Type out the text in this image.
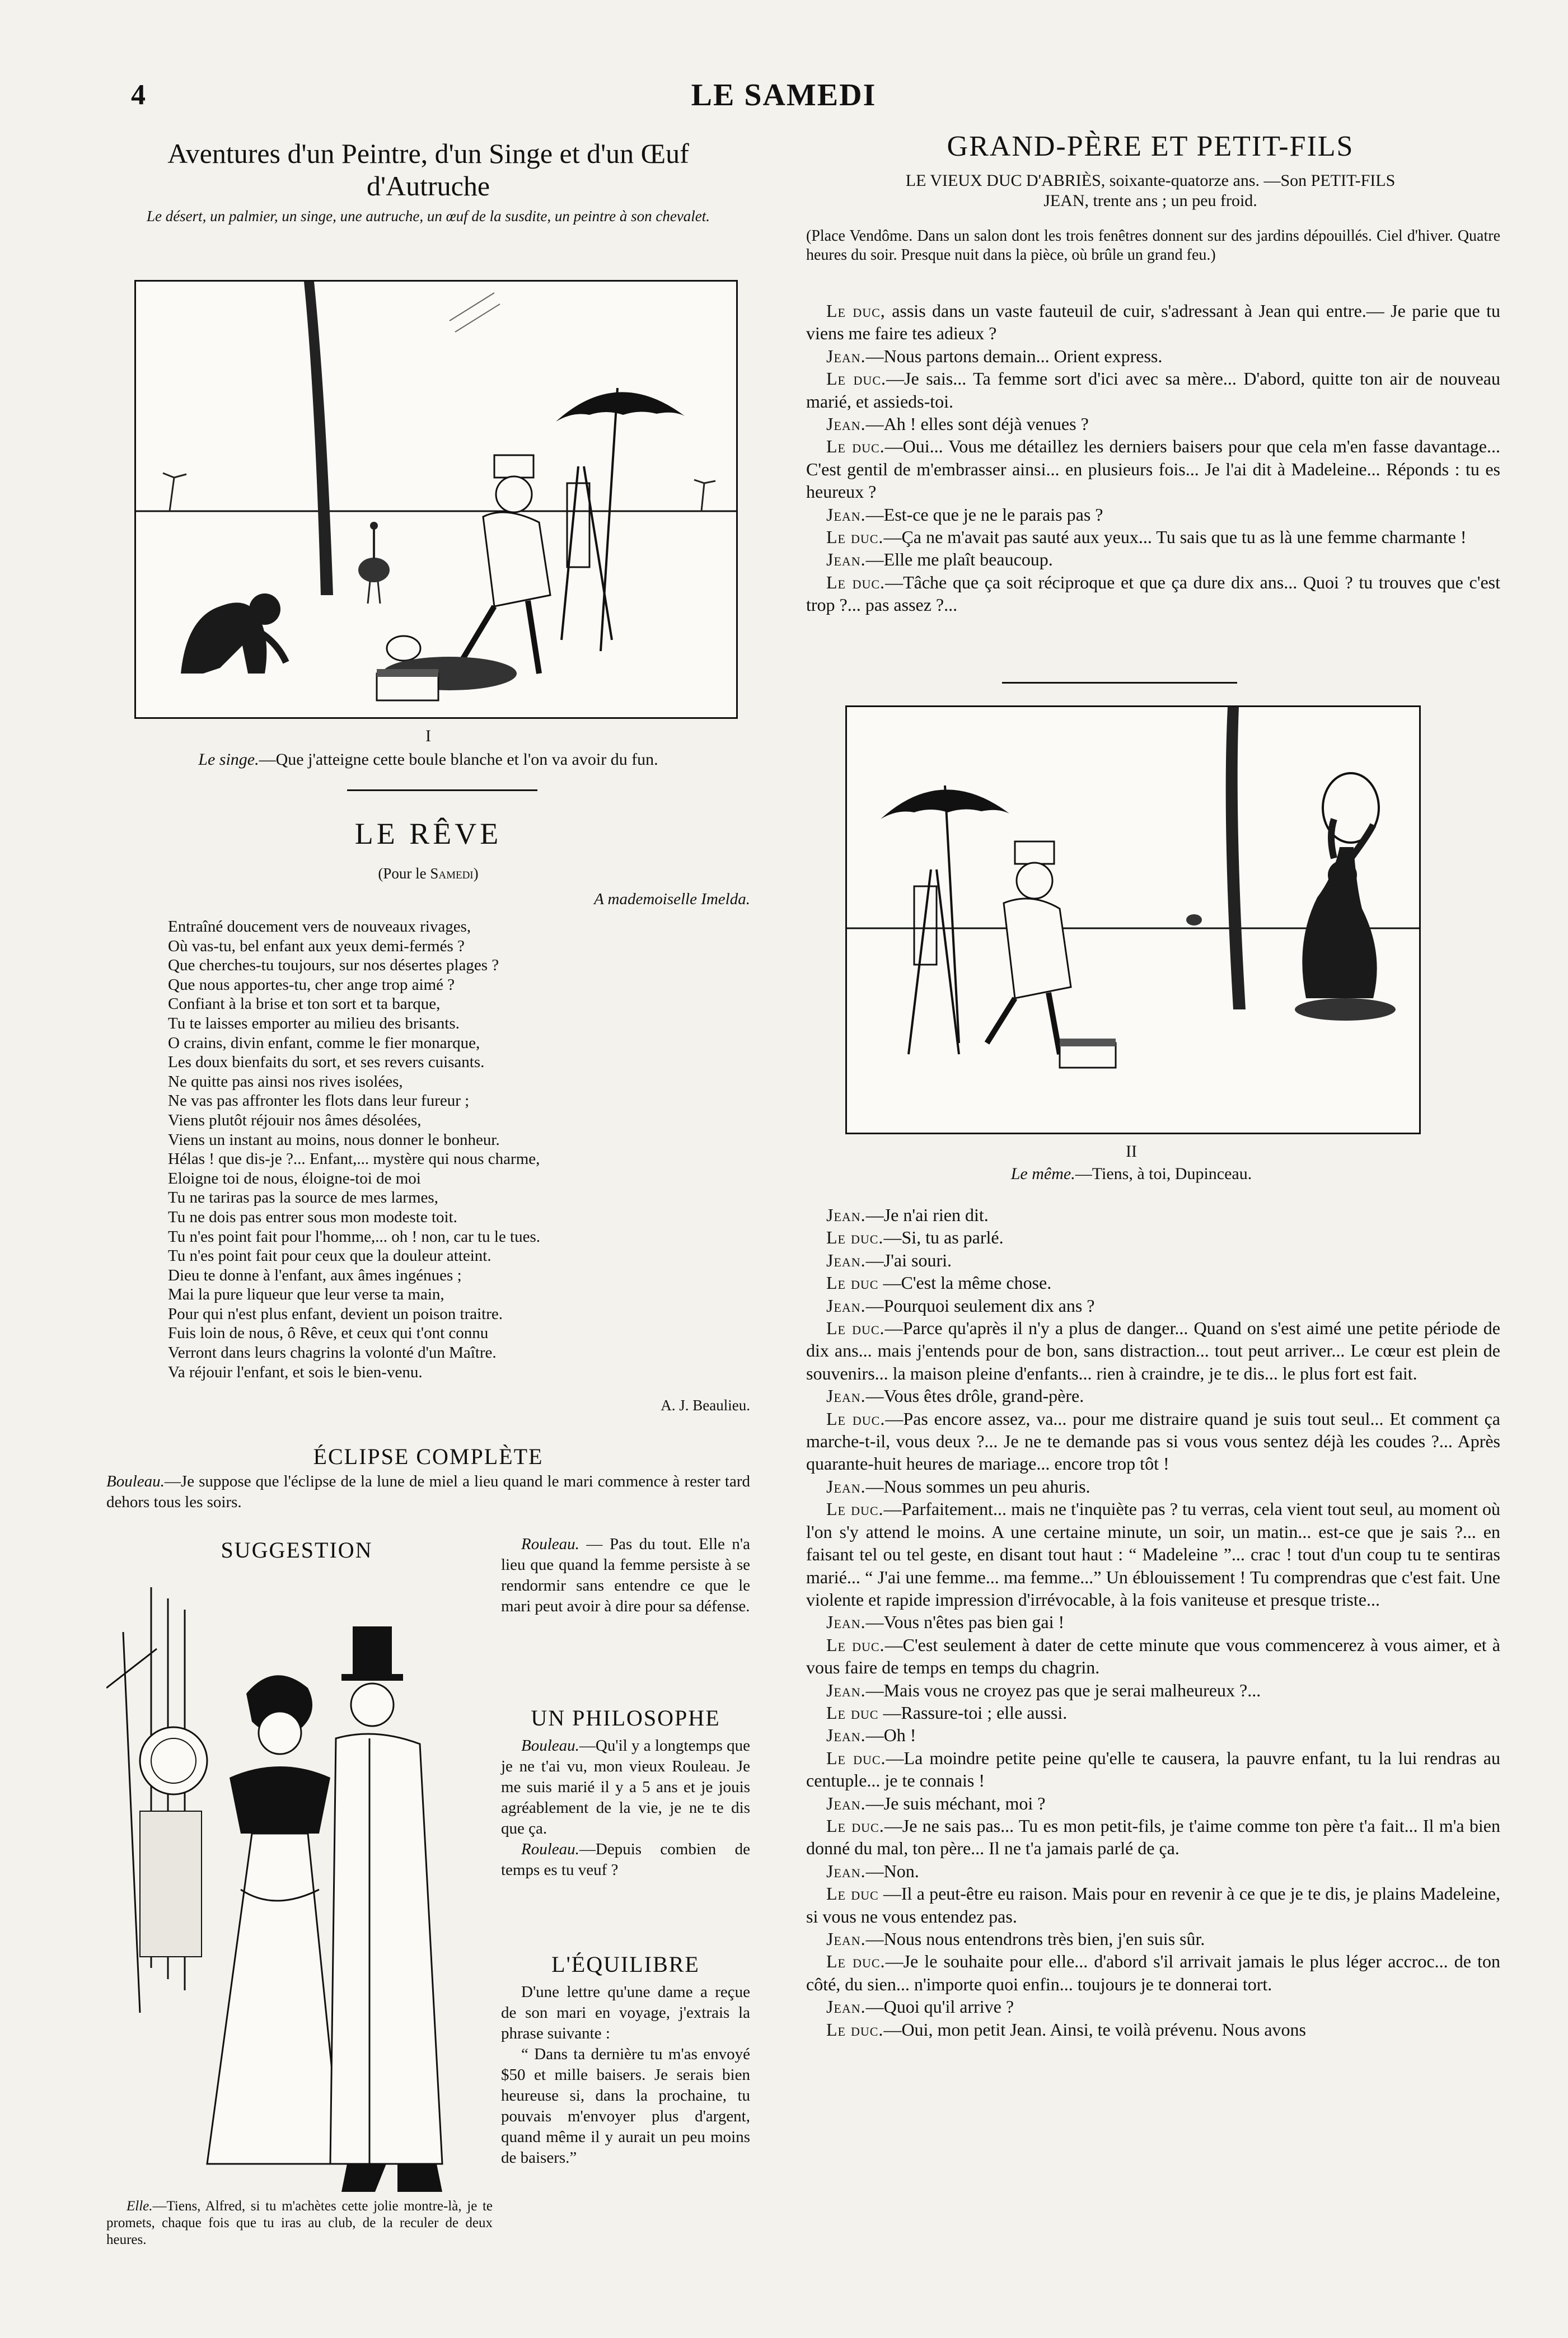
4	LE SAMEDI
Aventures d'un Peintre, d'un Singe et d'un Œuf d'Autruche
Le désert, un palmier, un singe, une autruche, un œuf de la susdite, un peintre à son chevalet.
I
Le singe.—Que j'atteigne cette boule blanche et l'on va avoir du fun.
LE RÊVE
(Pour le Samedi)
A mademoiselle Imelda.
Entraîné doucement vers de nouveaux rivages,
Où vas-tu, bel enfant aux yeux demi-fermés ?
Que cherches-tu toujours, sur nos désertes plages ?
Que nous apportes-tu, cher ange trop aimé ?
Confiant à la brise et ton sort et ta barque,
Tu te laisses emporter au milieu des brisants.
O crains, divin enfant, comme le fier monarque,
Les doux bienfaits du sort, et ses revers cuisants.
Ne quitte pas ainsi nos rives isolées,
Ne vas pas affronter les flots dans leur fureur ;
Viens plutôt réjouir nos âmes désolées,
Viens un instant au moins, nous donner le bonheur.
Hélas ! que dis-je ?... Enfant,... mystère qui nous charme,
Eloigne toi de nous, éloigne-toi de moi
Tu ne tariras pas la source de mes larmes,
Tu ne dois pas entrer sous mon modeste toit.
Tu n'es point fait pour l'homme,... oh ! non, car tu le tues.
Tu n'es point fait pour ceux que la douleur atteint.
Dieu te donne à l'enfant, aux âmes ingénues ;
Mai la pure liqueur que leur verse ta main,
Pour qui n'est plus enfant, devient un poison traitre.
Fuis loin de nous, ô Rêve, et ceux qui t'ont connu
Verront dans leurs chagrins la volonté d'un Maître.
Va réjouir l'enfant, et sois le bien-venu.
A. J. Beaulieu.
ÉCLIPSE COMPLÈTE

Bouleau.—Je suppose que l'éclipse de la lune de miel a lieu quand le mari commence à rester tard dehors tous les soirs.

Rouleau. — Pas du tout. Elle n'a lieu que quand la femme persiste à se rendormir sans entendre ce que le mari peut avoir à dire pour sa défense.

SUGGESTION
Elle.—Tiens, Alfred, si tu m'achètes cette jolie montre-là, je te promets, chaque fois que tu iras au club, de la reculer de deux heures.
UN PHILOSOPHE

Bouleau.—Qu'il y a longtemps que je ne t'ai vu, mon vieux Rouleau. Je me suis marié il y a 5 ans et je jouis agréablement de la vie, je ne te dis que ça.

Rouleau.—Depuis combien de temps es tu veuf ?

L'ÉQUILIBRE

D'une lettre qu'une dame a reçue de son mari en voyage, j'extrais la phrase suivante :

“ Dans ta dernière tu m'as envoyé $50 et mille baisers. Je serais bien heureuse si, dans la prochaine, tu pouvais m'envoyer plus d'argent, quand même il y aurait un peu moins de baisers.”

GRAND-PÈRE ET PETIT-FILS
LE VIEUX DUC D'ABRIÈS, soixante-quatorze ans. —Son PETIT-FILS
JEAN, trente ans ; un peu froid.
(Place Vendôme. Dans un salon dont les trois fenêtres donnent sur des jardins dépouillés. Ciel d'hiver. Quatre heures du soir. Presque nuit dans la pièce, où brûle un grand feu.)

Le duc, assis dans un vaste fauteuil de cuir, s'adressant à Jean qui entre.— Je parie que tu viens me faire tes adieux ?

Jean.—Nous partons demain... Orient express.

Le duc.—Je sais... Ta femme sort d'ici avec sa mère... D'abord, quitte ton air de nouveau marié, et assieds-toi.

Jean.—Ah ! elles sont déjà venues ?

Le duc.—Oui... Vous me détaillez les derniers baisers pour que cela m'en fasse davantage... C'est gentil de m'embrasser ainsi... en plusieurs fois... Je l'ai dit à Madeleine... Réponds : tu es heureux ?

Jean.—Est-ce que je ne le parais pas ?

Le duc.—Ça ne m'avait pas sauté aux yeux... Tu sais que tu as là une femme charmante !

Jean.—Elle me plaît beaucoup.

Le duc.—Tâche que ça soit réciproque et que ça dure dix ans... Quoi ? tu trouves que c'est trop ?... pas assez ?...

II
Le même.—Tiens, à toi, Dupinceau.

Jean.—Je n'ai rien dit.

Le duc.—Si, tu as parlé.

Jean.—J'ai souri.

Le duc —C'est la même chose.

Jean.—Pourquoi seulement dix ans ?

Le duc.—Parce qu'après il n'y a plus de danger... Quand on s'est aimé une petite période de dix ans... mais j'entends pour de bon, sans distraction... tout peut arriver... Le cœur est plein de souvenirs... la maison pleine d'enfants... rien à craindre, je te dis... le plus fort est fait.

Jean.—Vous êtes drôle, grand-père.

Le duc.—Pas encore assez, va... pour me distraire quand je suis tout seul... Et comment ça marche-t-il, vous deux ?... Je ne te demande pas si vous vous sentez déjà les coudes ?... Après quarante-huit heures de mariage... encore trop tôt !

Jean.—Nous sommes un peu ahuris.

Le duc.—Parfaitement... mais ne t'inquiète pas ? tu verras, cela vient tout seul, au moment où l'on s'y attend le moins. A une certaine minute, un soir, un matin... est-ce que je sais ?... en faisant tel ou tel geste, en disant tout haut : “ Madeleine ”... crac ! tout d'un coup tu te sentiras marié... “ J'ai une femme... ma femme...” Un éblouissement ! Tu comprendras que c'est fait. Une violente et rapide impression d'irrévocable, à la fois vaniteuse et presque triste...

Jean.—Vous n'êtes pas bien gai !

Le duc.—C'est seulement à dater de cette minute que vous commencerez à vous aimer, et à vous faire de temps en temps du chagrin.

Jean.—Mais vous ne croyez pas que je serai malheureux ?...

Le duc —Rassure-toi ; elle aussi.

Jean.—Oh !

Le duc.—La moindre petite peine qu'elle te causera, la pauvre enfant, tu la lui rendras au centuple... je te connais !

Jean.—Je suis méchant, moi ?

Le duc.—Je ne sais pas... Tu es mon petit-fils, je t'aime comme ton père t'a fait... Il m'a bien donné du mal, ton père... Il ne t'a jamais parlé de ça.

Jean.—Non.

Le duc —Il a peut-être eu raison. Mais pour en revenir à ce que je te dis, je plains Madeleine, si vous ne vous entendez pas.

Jean.—Nous nous entendrons très bien, j'en suis sûr.

Le duc.—Je le souhaite pour elle... d'abord s'il arrivait jamais le plus léger accroc... de ton côté, du sien... n'importe quoi enfin... toujours je te donnerai tort.

Jean.—Quoi qu'il arrive ?

Le duc.—Oui, mon petit Jean. Ainsi, te voilà prévenu. Nous avons
